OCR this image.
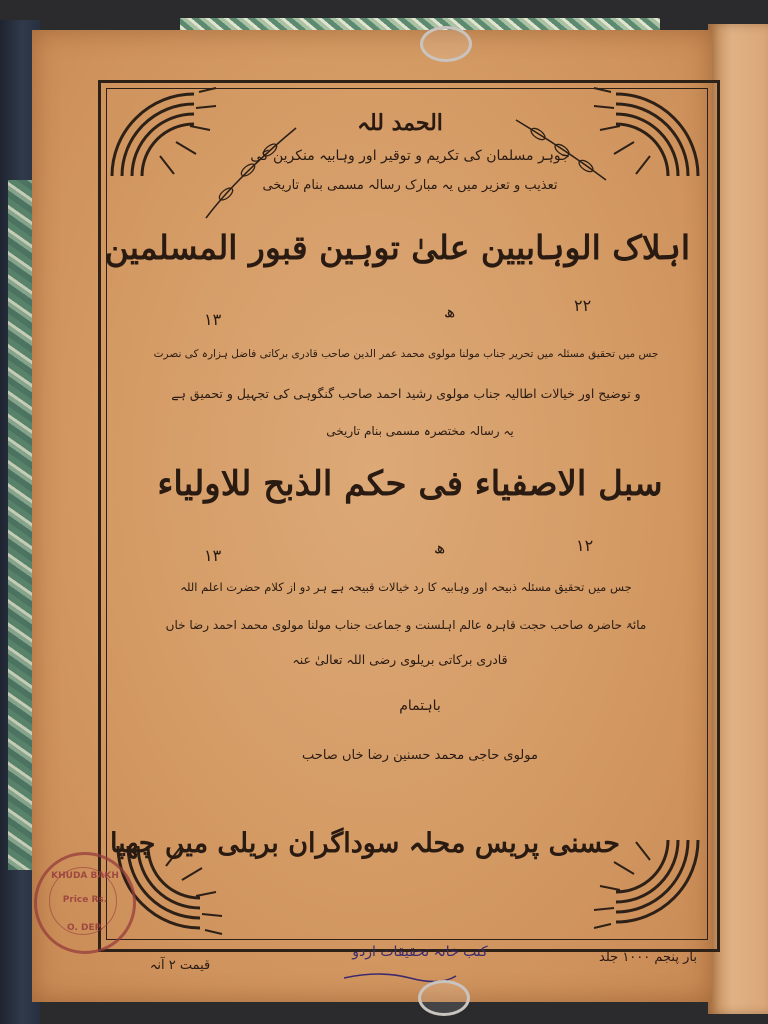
الحمد للہ
جوہر مسلمان کی تکریم و توقیر اور وہابیہ منکرین کی
تعذیب و تعزیر میں یہ مبارک رسالہ مسمی بنام تاریخی
اہلاک الوہابیین علیٰ توہین قبور المسلمین
۲۲
ھ
۱۳
جس میں تحقیق مسئلہ میں تحریر جناب مولنا مولوی محمد عمر الدین صاحب قادری برکاتی فاضل ہزارہ کی نصرت
و توضیح اور خیالات اطالیہ جناب مولوی رشید احمد صاحب گنگوہی کی تجہیل و تحمیق ہے
یہ رسالہ مختصرہ مسمی بنام تاریخی
سبل الاصفیاء فی حکم الذبح للاولیاء
۱۲
ھ
۱۳
جس میں تحقیق مسئلہ ذبیحہ اور وہابیہ کا رد خیالات قبیحہ ہے ہر دو از کلام حضرت اعلم اللہ
مائۃ حاضرہ صاحب حجت قاہرہ عالم اہلسنت و جماعت جناب مولنا مولوی محمد احمد رضا خاں
قادری برکاتی بریلوی رضی اللہ تعالیٰ عنہ
باہتمام
مولوی حاجی محمد حسنین رضا خاں صاحب
حسنی پریس محلہ سوداگران بریلی میں چھپا
بار پنجم ۱۰۰۰ جلد
قیمت ۲ آنہ
کتب خانہ تحقیقات اردو
KHUDA BAKH
Price Rs.
O. DEP.
